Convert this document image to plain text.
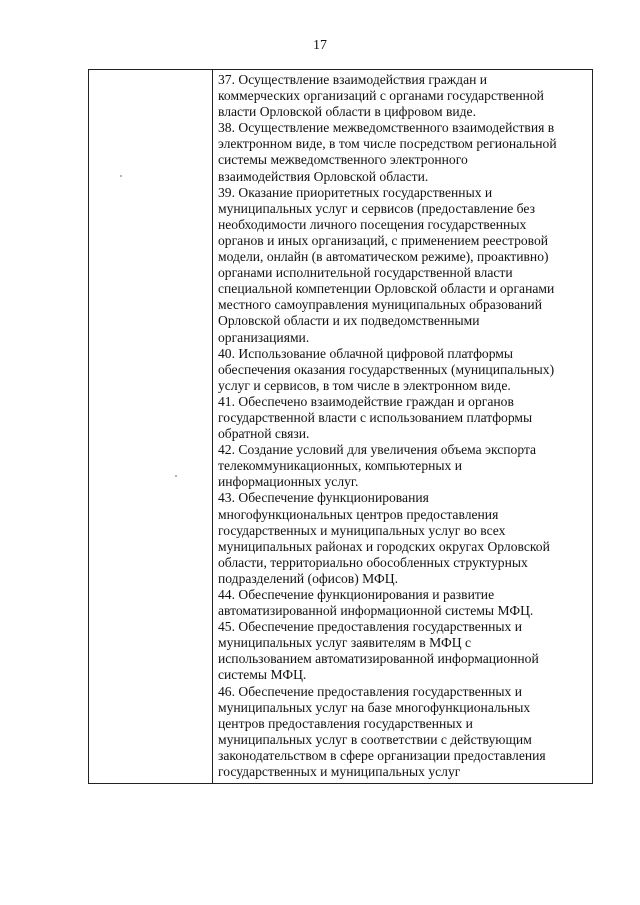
17

37. Осуществление взаимодействия граждан и
коммерческих организаций с органами государственной
власти Орловской области в цифровом виде.
38. Осуществление межведомственного взаимодействия в
электронном виде, в том числе посредством региональной
системы межведомственного электронного
взаимодействия Орловской области.
39. Оказание приоритетных государственных и
муниципальных услуг и сервисов (предоставление без
необходимости личного посещения государственных
органов и иных организаций, с применением реестровой
модели, онлайн (в автоматическом режиме), проактивно)
органами исполнительной государственной власти
специальной компетенции Орловской области и органами
местного самоуправления муниципальных образований
Орловской области и их подведомственными
организациями.
40. Использование облачной цифровой платформы
обеспечения оказания государственных (муниципальных)
услуг и сервисов, в том числе в электронном виде.
41. Обеспечено взаимодействие граждан и органов
государственной власти с использованием платформы
обратной связи.
42. Создание условий для увеличения объема экспорта
телекоммуникационных, компьютерных и
информационных услуг.
43. Обеспечение функционирования
многофункциональных центров предоставления
государственных и муниципальных услуг во всех
муниципальных районах и городских округах Орловской
области, территориально обособленных структурных
подразделений (офисов) МФЦ.
44. Обеспечение функционирования и развитие
автоматизированной информационной системы МФЦ.
45. Обеспечение предоставления государственных и
муниципальных услуг заявителям в МФЦ с
использованием автоматизированной информационной
системы МФЦ.
46. Обеспечение предоставления государственных и
муниципальных услуг на базе многофункциональных
центров предоставления государственных и
муниципальных услуг в соответствии с действующим
законодательством в сфере организации предоставления
государственных и муниципальных услуг
